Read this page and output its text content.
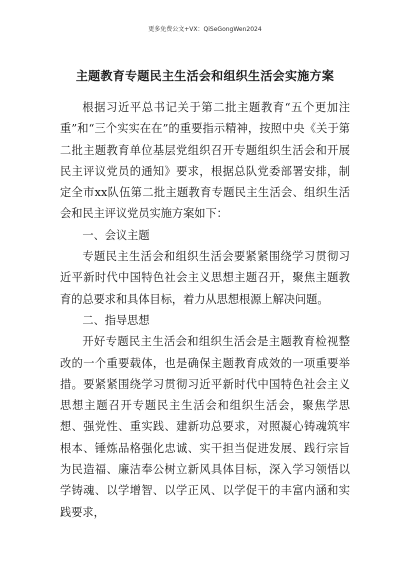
更多免费公文+VX：QiSeGongWen2024
主题教育专题民主生活会和组织生活会实施方案

根据习近平总书记关于第二批主题教育“五个更加注重”和“三个实实在在”的重要指示精神，按照中央《关于第二批主题教育单位基层党组织召开专题组织生活会和开展民主评议党员的通知》要求，根据总队党委部署安排，制定全市xx队伍第二批主题教育专题民主生活会、组织生活会和民主评议党员实施方案如下：

一、会议主题

专题民主生活会和组织生活会要紧紧围绕学习贯彻习近平新时代中国特色社会主义思想主题召开，聚焦主题教育的总要求和具体目标，着力从思想根源上解决问题。

二、指导思想

开好专题民主生活会和组织生活会是主题教育检视整改的一个重要载体，也是确保主题教育成效的一项重要举措。要紧紧围绕学习贯彻习近平新时代中国特色社会主义思想主题召开专题民主生活会和组织生活会，聚焦学思想、强党性、重实践、建新功总要求，对照凝心铸魂筑牢根本、锤炼品格强化忠诚、实干担当促进发展、践行宗旨为民造福、廉洁奉公树立新风具体目标，深入学习领悟以学铸魂、以学增智、以学正风、以学促干的丰富内涵和实践要求，
